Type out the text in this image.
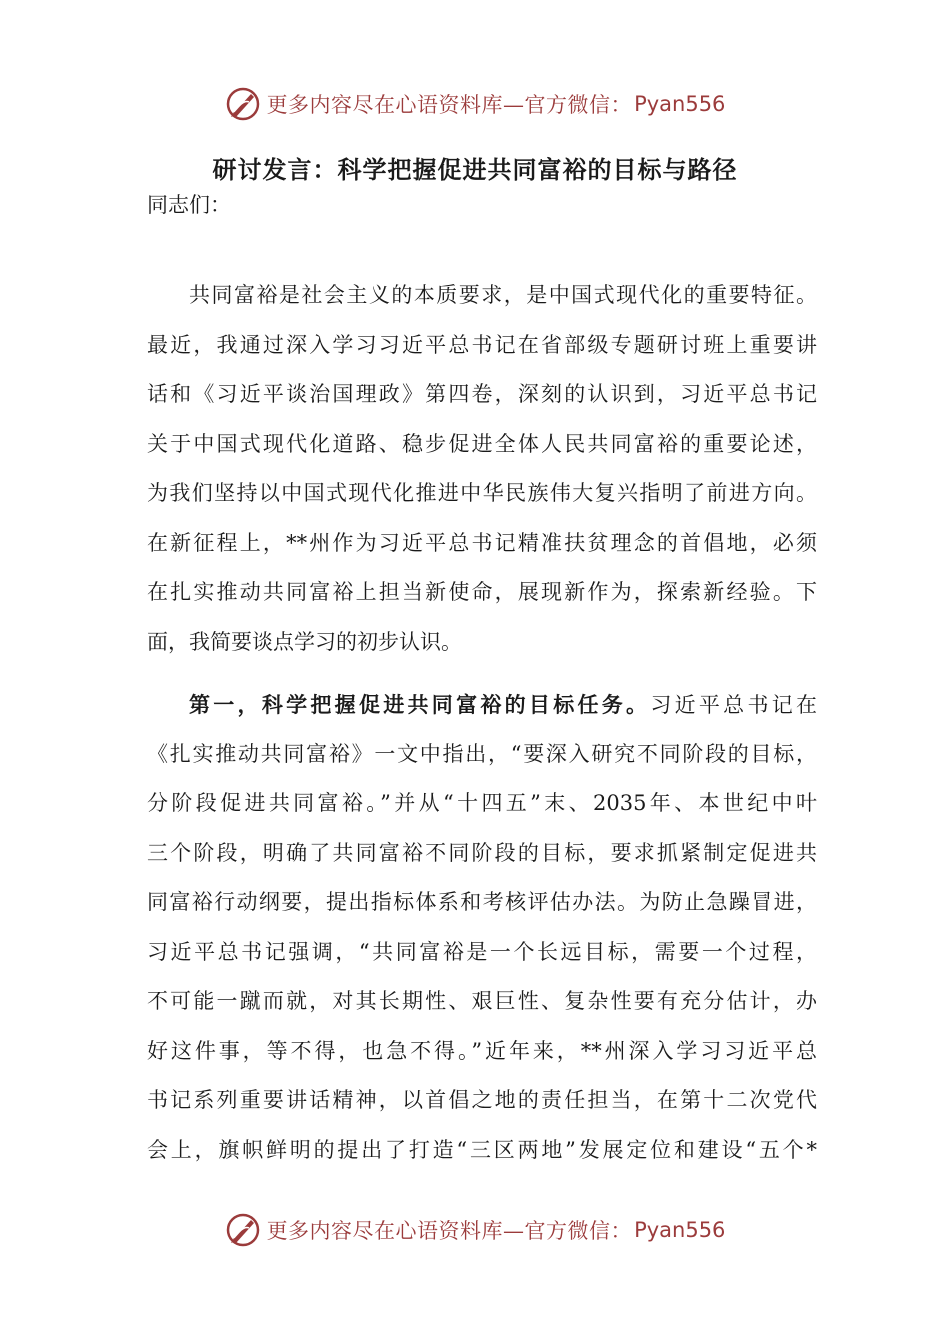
更多内容尽在心语资料库—官方微信： Pyan556
研讨发言：科学把握促进共同富裕的目标与路径
同志们：
共同富裕是社会主义的本质要求，是中国式现代化的重要特征。
最近，我通过深入学习习近平总书记在省部级专题研讨班上重要讲
话和《习近平谈治国理政》第四卷，深刻的认识到，习近平总书记
关于中国式现代化道路、稳步促进全体人民共同富裕的重要论述，
为我们坚持以中国式现代化推进中华民族伟大复兴指明了前进方向。
在新征程上，**州作为习近平总书记精准扶贫理念的首倡地，必须
在扎实推动共同富裕上担当新使命，展现新作为，探索新经验。下
面，我简要谈点学习的初步认识。
第一，科学把握促进共同富裕的目标任务。习近平总书记在
《扎实推动共同富裕》一文中指出，“要深入研究不同阶段的目标，
分阶段促进共同富裕。”并从“十四五”末、2035年、本世纪中叶
三个阶段，明确了共同富裕不同阶段的目标，要求抓紧制定促进共
同富裕行动纲要，提出指标体系和考核评估办法。为防止急躁冒进，
习近平总书记强调，“共同富裕是一个长远目标，需要一个过程，
不可能一蹴而就，对其长期性、艰巨性、复杂性要有充分估计，办
好这件事，等不得，也急不得。”近年来，**州深入学习习近平总
书记系列重要讲话精神，以首倡之地的责任担当，在第十二次党代
会上，旗帜鲜明的提出了打造“三区两地”发展定位和建设“五个*
更多内容尽在心语资料库—官方微信： Pyan556
